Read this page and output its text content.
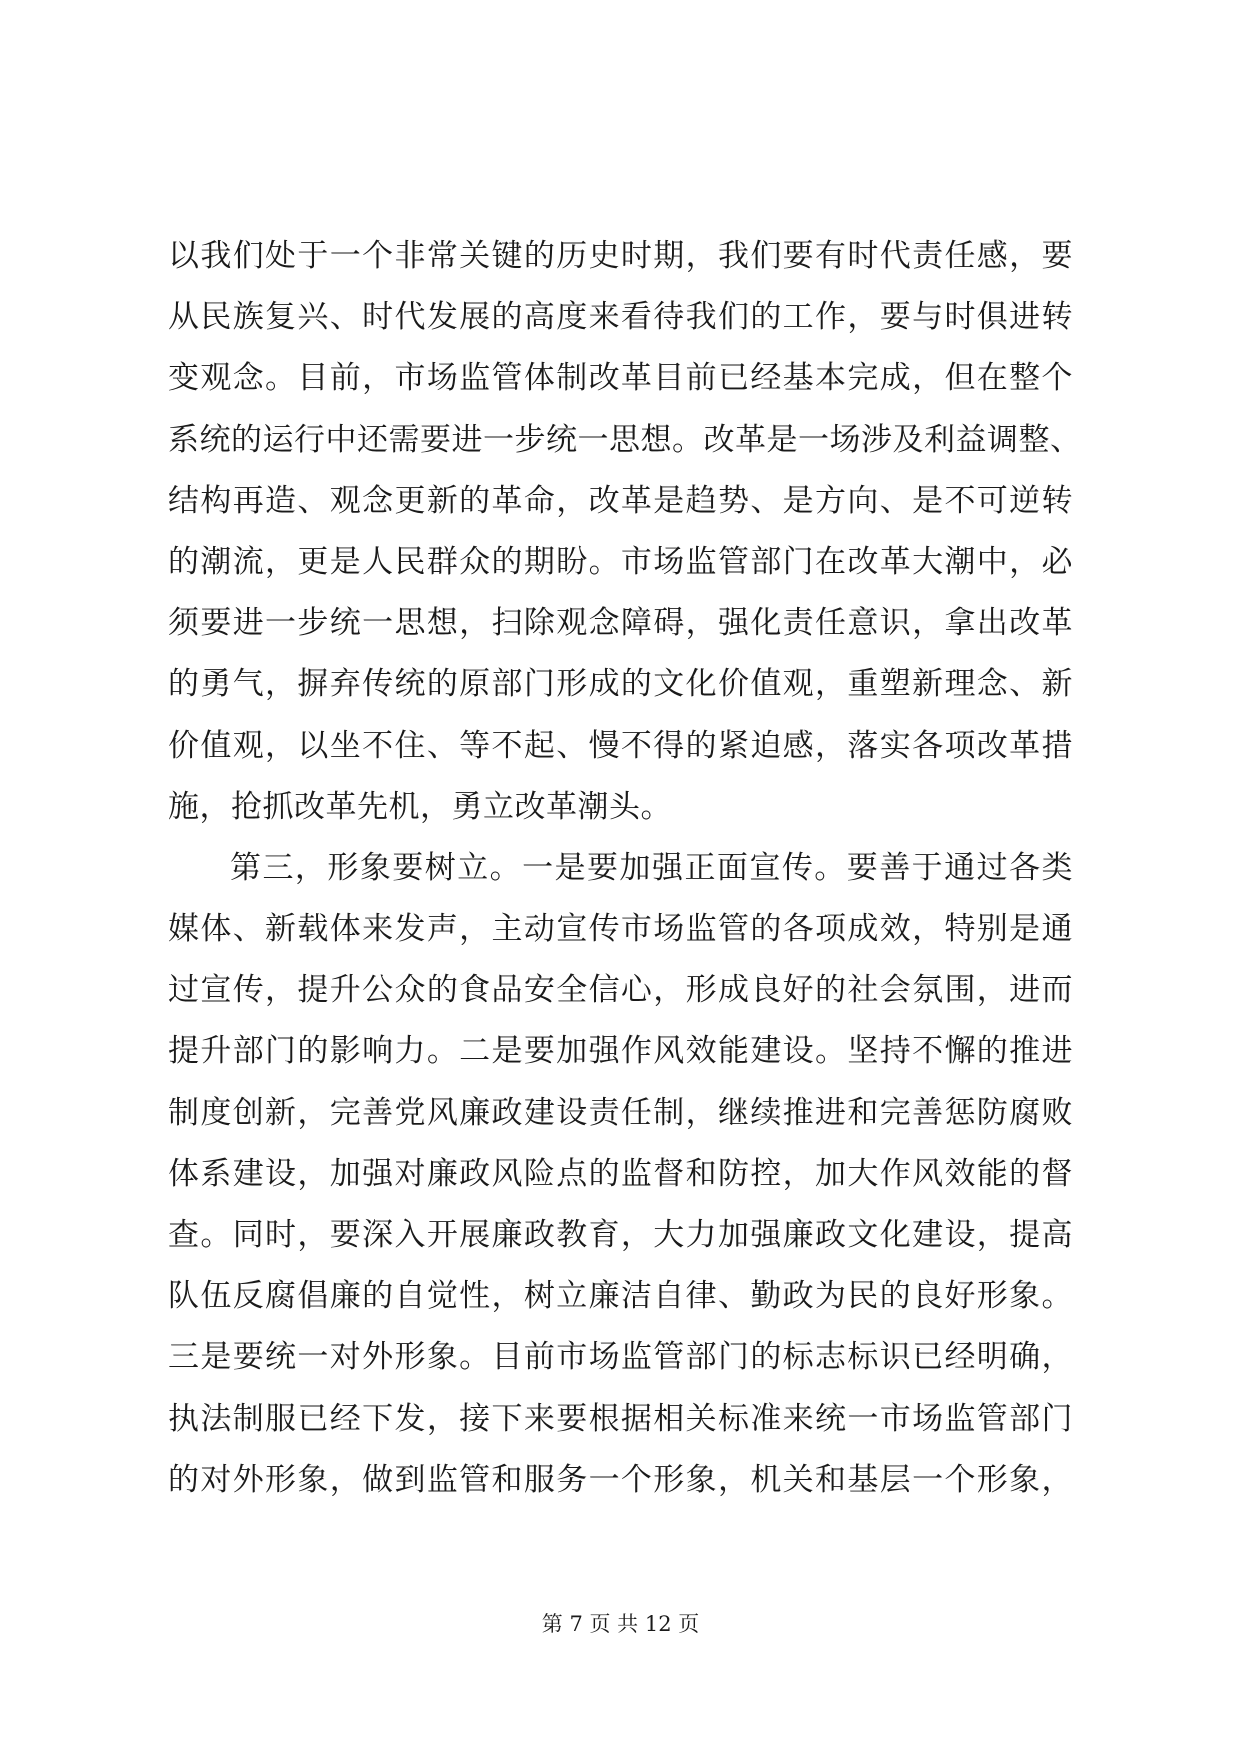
以我们处于一个非常关键的历史时期，我们要有时代责任感，要
从民族复兴、时代发展的高度来看待我们的工作，要与时俱进转
变观念。目前，市场监管体制改革目前已经基本完成，但在整个
系统的运行中还需要进一步统一思想。改革是一场涉及利益调整、
结构再造、观念更新的革命，改革是趋势、是方向、是不可逆转
的潮流，更是人民群众的期盼。市场监管部门在改革大潮中，必
须要进一步统一思想，扫除观念障碍，强化责任意识，拿出改革
的勇气，摒弃传统的原部门形成的文化价值观，重塑新理念、新
价值观，以坐不住、等不起、慢不得的紧迫感，落实各项改革措
施，抢抓改革先机，勇立改革潮头。
第三，形象要树立。一是要加强正面宣传。要善于通过各类
媒体、新载体来发声，主动宣传市场监管的各项成效，特别是通
过宣传，提升公众的食品安全信心，形成良好的社会氛围，进而
提升部门的影响力。二是要加强作风效能建设。坚持不懈的推进
制度创新，完善党风廉政建设责任制，继续推进和完善惩防腐败
体系建设，加强对廉政风险点的监督和防控，加大作风效能的督
查。同时，要深入开展廉政教育，大力加强廉政文化建设，提高
队伍反腐倡廉的自觉性，树立廉洁自律、勤政为民的良好形象。
三是要统一对外形象。目前市场监管部门的标志标识已经明确，
执法制服已经下发，接下来要根据相关标准来统一市场监管部门
的对外形象，做到监管和服务一个形象，机关和基层一个形象，
第 7 页 共 12 页
